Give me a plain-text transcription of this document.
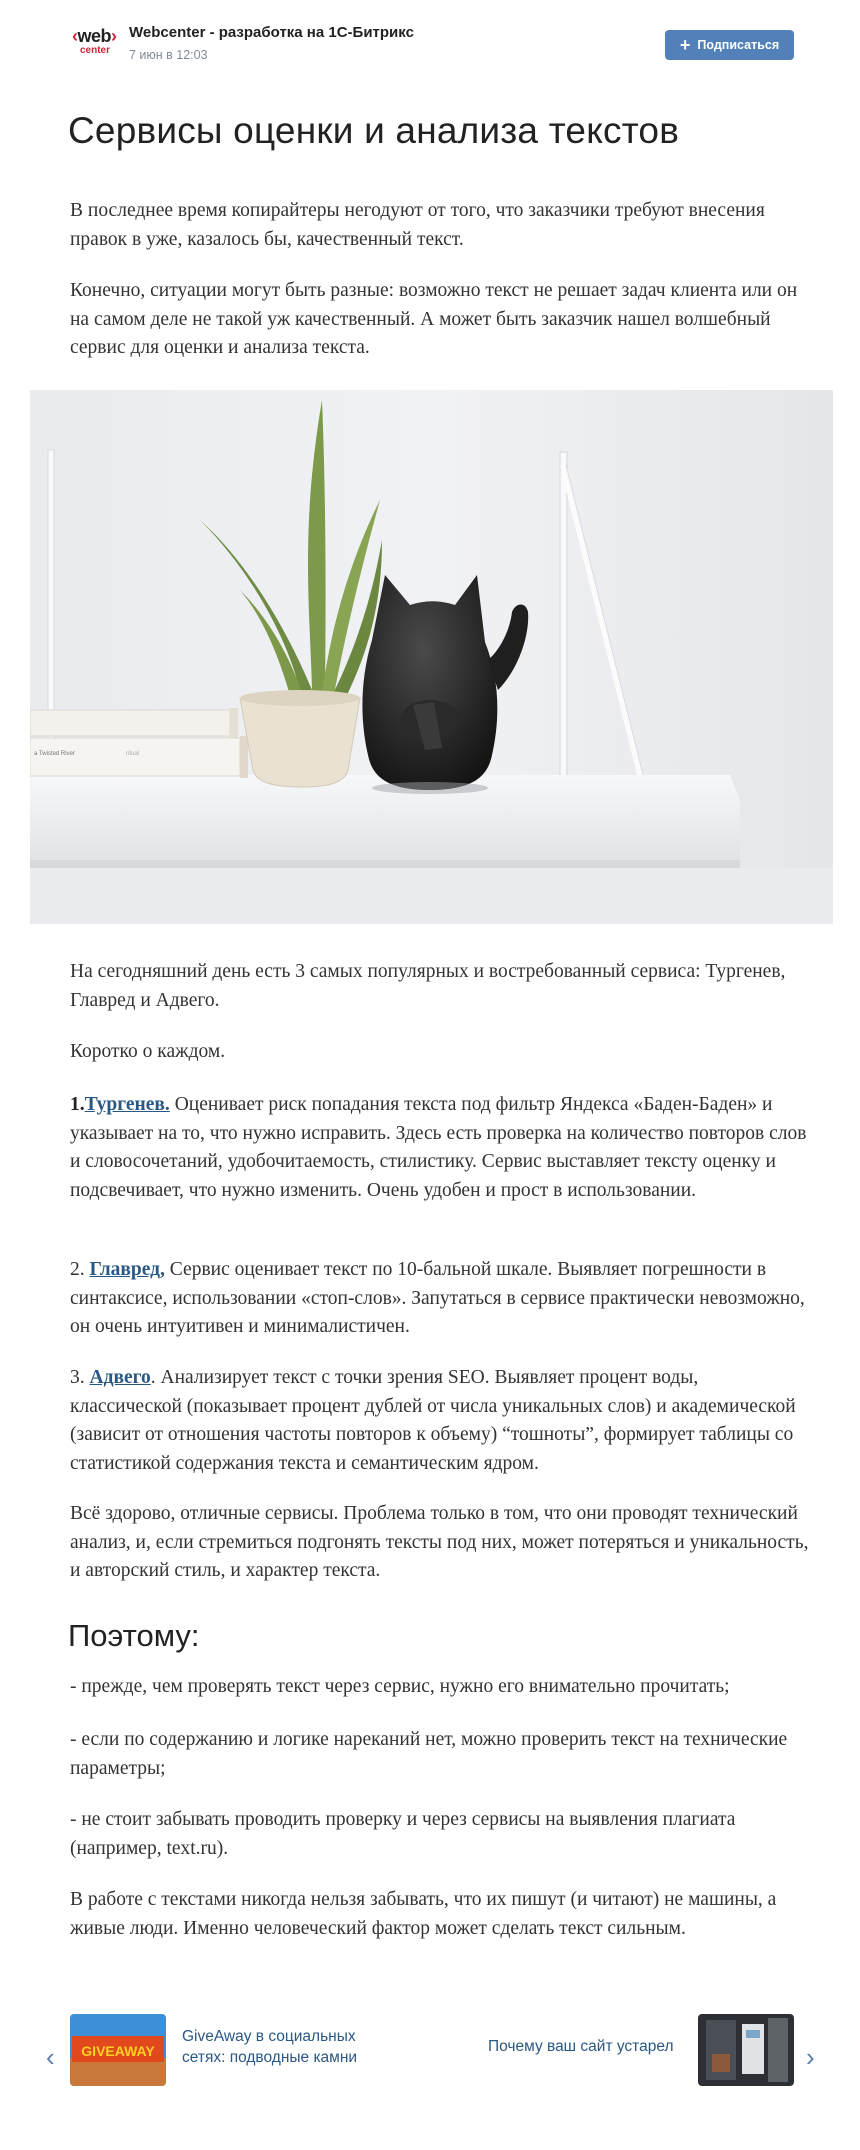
‹web›
center
Webcenter - разработка на 1С-Битрикс
7 июн в 12:03	+ Подписаться
Сервисы оценки и анализа текстов
В последнее время копирайтеры негодуют от того, что заказчики требуют внесения правок в уже, казалось бы, качественный текст.
Конечно, ситуации могут быть разные: возможно текст не решает задач клиента или он на самом деле не такой уж качественный. А может быть заказчик нашел волшебный сервис для оценки и анализа текста.
a Twisted River	ritual
На сегодняшний день есть 3 самых популярных и востребованный сервиса: Тургенев, Главред и Адвего.
Коротко о каждом.
1.Тургенев. Оценивает риск попадания текста под фильтр Яндекса «Баден-Баден» и указывает на то, что нужно исправить. Здесь есть проверка на количество повторов слов и словосочетаний, удобочитаемость, стилистику. Сервис выставляет тексту оценку и подсвечивает, что нужно изменить. Очень удобен и прост в использовании.
2. Главред, Сервис оценивает текст по 10-бальной шкале. Выявляет погрешности в синтаксисе, использовании «стоп-слов». Запутаться в сервисе практически невозможно, он очень интуитивен и минималистичен.
3. Адвего. Анализирует текст с точки зрения SEO. Выявляет процент воды, классической (показывает процент дублей от числа уникальных слов) и академической (зависит от отношения частоты повторов к объему) “тошноты”, формирует таблицы со статистикой содержания текста и семантическим ядром.
Всё здорово, отличные сервисы. Проблема только в том, что они проводят технический анализ, и, если стремиться подгонять тексты под них, может потеряться и уникальность, и авторский стиль, и характер текста.
Поэтому:
- прежде, чем проверять текст через сервис, нужно его внимательно прочитать;
- если по содержанию и логике нареканий нет, можно проверить текст на технические параметры;
- не стоит забывать проводить проверку и через сервисы на выявления плагиата (например, text.ru).
В работе с текстами никогда нельзя забывать, что их пишут (и читают) не машины, а живые люди. Именно человеческий фактор может сделать текст сильным.
‹ GIVEAWAY
GiveAway в социальных сетях: подводные камни
Почему ваш сайт устарел	›
